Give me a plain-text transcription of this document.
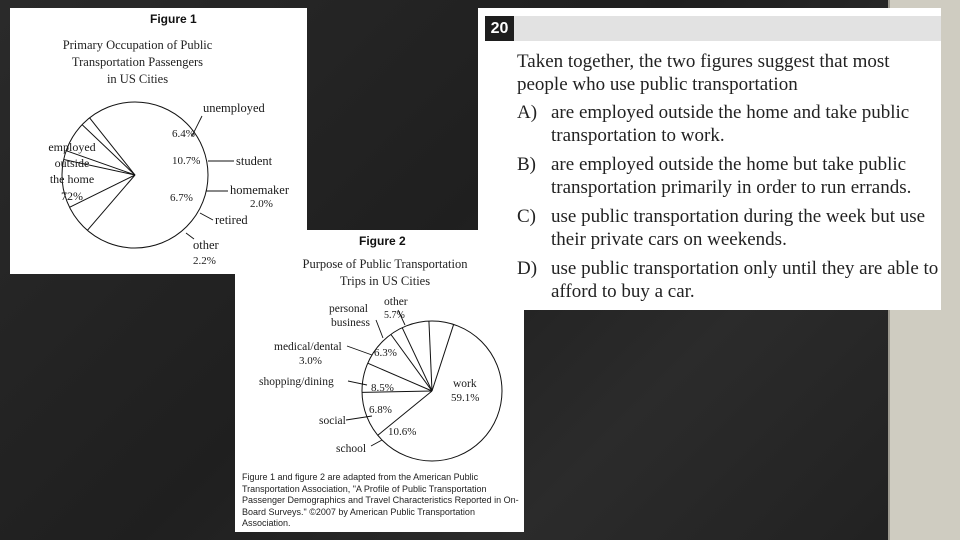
Figure 1
Primary Occupation of Public
Transportation Passengers
in US Cities
employed
outside
the home
72%
6.4%
unemployed
10.7%	student
homemaker
2.0%
6.7%
retired
other
2.2%
Figure 2
Purpose of Public Transportation
Trips in US Cities
work
59.1%
10.6%
school
6.8%
social
8.5%
shopping/dining
medical/dental
3.0%
6.3%
personal
business
other
5.7%
Figure 1 and figure 2 are adapted from the American Public Transportation Association, "A Profile of Public Transportation Passenger Demographics and Travel Characteristics Reported in On-Board Surveys." ©2007 by American Public Transportation Association.
20
Taken together, the two figures suggest that most people who use public transportation
A) are employed outside the home and take public transportation to work.
B) are employed outside the home but take public transportation primarily in order to run errands.
C) use public transportation during the week but use their private cars on weekends.
D) use public transportation only until they are able to afford to buy a car.
